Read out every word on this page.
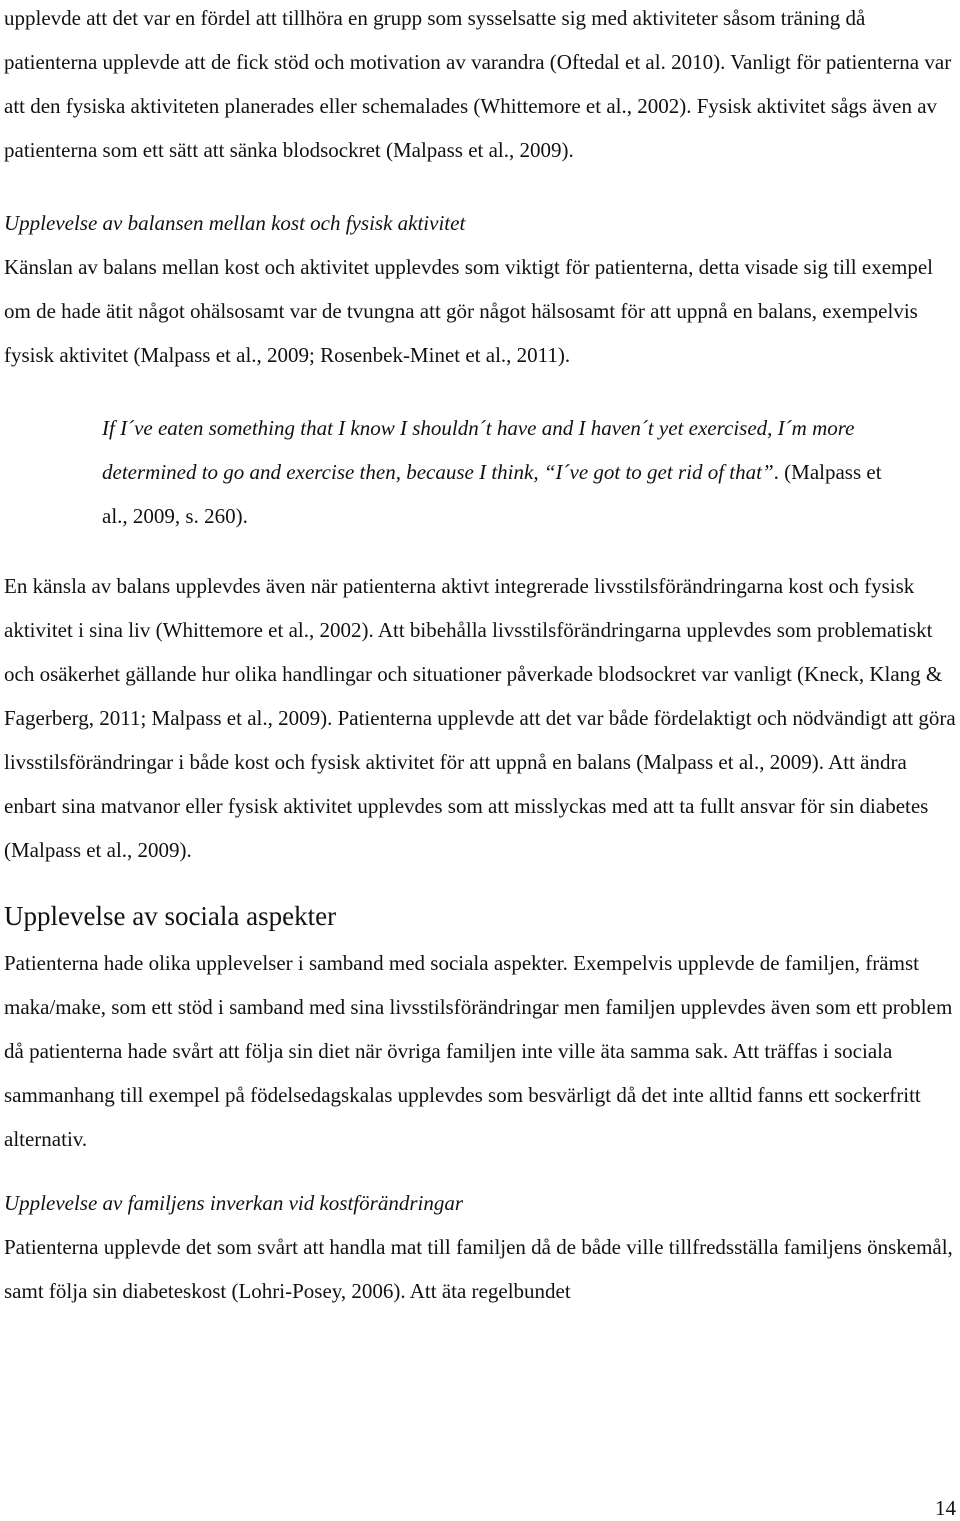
upplevde att det var en fördel att tillhöra en grupp som sysselsatte sig med aktiviteter såsom träning då patienterna upplevde att de fick stöd och motivation av varandra (Oftedal et al. 2010). Vanligt för patienterna var att den fysiska aktiviteten planerades eller schemalades (Whittemore et al., 2002). Fysisk aktivitet sågs även av patienterna som ett sätt att sänka blodsockret (Malpass et al., 2009).

Upplevelse av balansen mellan kost och fysisk aktivitet

Känslan av balans mellan kost och aktivitet upplevdes som viktigt för patienterna, detta visade sig till exempel om de hade ätit något ohälsosamt var de tvungna att gör något hälsosamt för att uppnå en balans, exempelvis fysisk aktivitet (Malpass et al., 2009; Rosenbek-Minet et al., 2011).

If I´ve eaten something that I know I shouldn´t have and I haven´t yet exercised, I´m more determined to go and exercise then, because I think, “I´ve got to get rid of that”. (Malpass et al., 2009, s. 260).

En känsla av balans upplevdes även när patienterna aktivt integrerade livsstilsförändringarna kost och fysisk aktivitet i sina liv (Whittemore et al., 2002). Att bibehålla livsstilsförändringarna upplevdes som problematiskt och osäkerhet gällande hur olika handlingar och situationer påverkade blodsockret var vanligt (Kneck, Klang & Fagerberg, 2011; Malpass et al., 2009). Patienterna upplevde att det var både fördelaktigt och nödvändigt att göra livsstilsförändringar i både kost och fysisk aktivitet för att uppnå en balans (Malpass et al., 2009). Att ändra enbart sina matvanor eller fysisk aktivitet upplevdes som att misslyckas med att ta fullt ansvar för sin diabetes (Malpass et al., 2009).

Upplevelse av sociala aspekter

Patienterna hade olika upplevelser i samband med sociala aspekter. Exempelvis upplevde de familjen, främst maka/make, som ett stöd i samband med sina livsstilsförändringar men familjen upplevdes även som ett problem då patienterna hade svårt att följa sin diet när övriga familjen inte ville äta samma sak. Att träffas i sociala sammanhang till exempel på födelsedagskalas upplevdes som besvärligt då det inte alltid fanns ett sockerfritt alternativ.

Upplevelse av familjens inverkan vid kostförändringar

Patienterna upplevde det som svårt att handla mat till familjen då de både ville tillfredsställa familjens önskemål, samt följa sin diabeteskost (Lohri-Posey, 2006). Att äta regelbundet

14
